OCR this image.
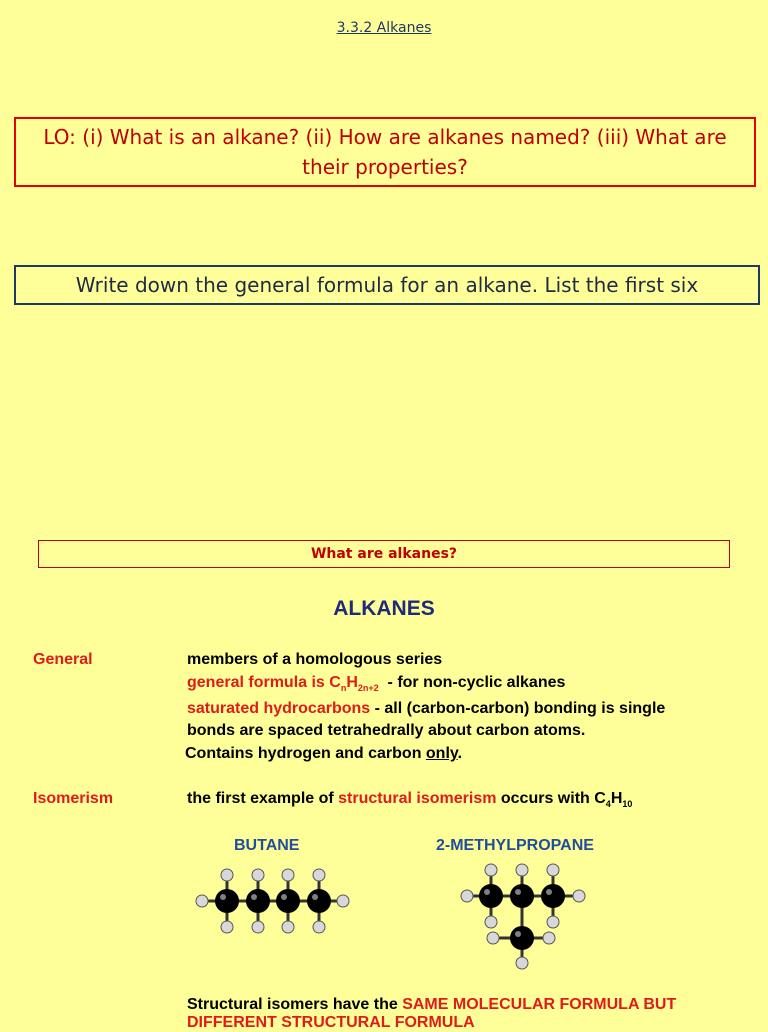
3.3.2 Alkanes
LO: (i) What is an alkane? (ii) How are alkanes named? (iii) What are their properties?
Write down the general formula for an alkane. List the first six
What are alkanes?
ALKANES
General	members of a homologous series
general formula is $C_nH_{2n+2}$ - for non-cyclic alkanes
saturated hydrocarbons - all (carbon-carbon) bonding is single
bonds are spaced tetrahedrally about carbon atoms.
Contains hydrogen and carbon only.
Isomerism	the first example of structural isomerism occurs with $C_4H_{10}$
BUTANE	2-METHYLPROPANE
Structural isomers have the SAME MOLECULAR FORMULA BUT
DIFFERENT STRUCTURAL FORMULA
